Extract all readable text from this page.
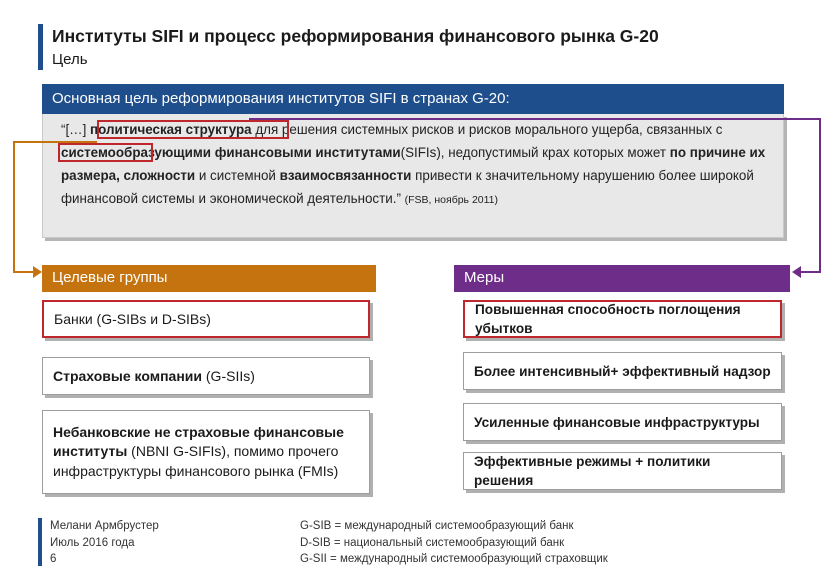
Институты SIFI и процесс реформирования финансового рынка G-20
Цель
Основная цель реформирования институтов SIFI в странах G-20:
“[…] политическая структура для решения системных рисков и рисков морального ущерба, связанных с системообразующими финансовыми институтами(SIFIs), недопустимый крах которых может по причине их размера, сложности и системной взаимосвязанности привести к значительному нарушению более широкой финансовой системы и экономической деятельности.” (FSB, ноябрь 2011)
Целевые группы
Банки (G-SIBs и D-SIBs)
Страховые компании (G-SIIs)
Небанковские не страховые финансовые институты (NBNI G-SIFIs), помимо прочего инфраструктуры финансового рынка (FMIs)
Меры
Повышенная способность поглощения убытков
Более интенсивный+ эффективный надзор
Усиленные финансовые инфраструктуры
Эффективные режимы + политики решения
Мелани Армбрустер
Июль 2016 года
6
G-SIB = международный системообразующий банк
D-SIB = национальный системообразующий банк
G-SII = международный системообразующий страховщик
